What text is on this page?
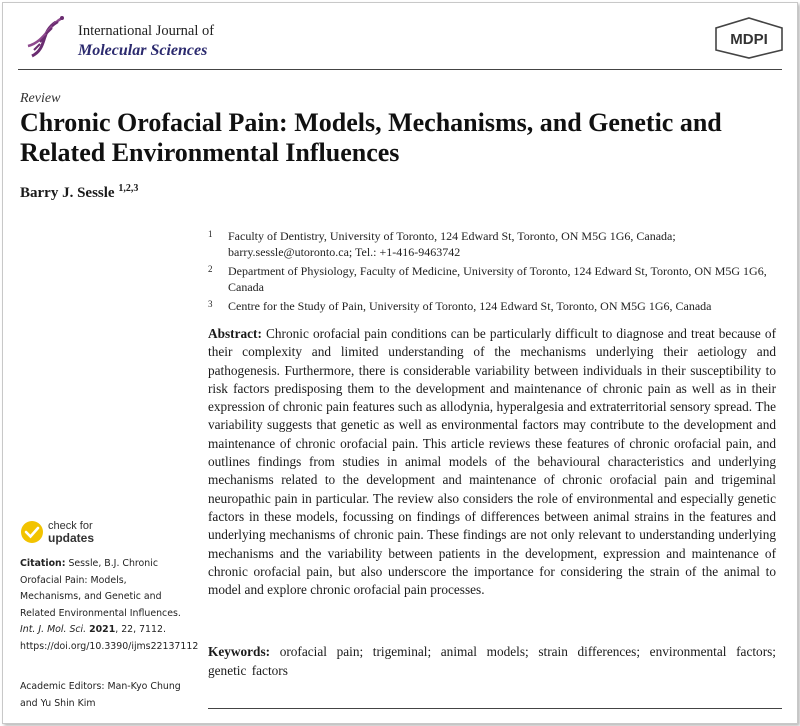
International Journal of
Molecular Sciences
MDPI
Review
Chronic Orofacial Pain: Models, Mechanisms, and Genetic and Related Environmental Influences
Barry J. Sessle $^{1,2,3}$
1 Faculty of Dentistry, University of Toronto, 124 Edward St, Toronto, ON M5G 1G6, Canada; barry.sessle@utoronto.ca; Tel.: +1-416-9463742
2 Department of Physiology, Faculty of Medicine, University of Toronto, 124 Edward St, Toronto, ON M5G 1G6, Canada
3 Centre for the Study of Pain, University of Toronto, 124 Edward St, Toronto, ON M5G 1G6, Canada
Abstract: Chronic orofacial pain conditions can be particularly difficult to diagnose and treat because of their complexity and limited understanding of the mechanisms underlying their aetiology and pathogenesis. Furthermore, there is considerable variability between individuals in their susceptibility to risk factors predisposing them to the development and maintenance of chronic pain as well as in their expression of chronic pain features such as allodynia, hyperalgesia and extraterritorial sensory spread. The variability suggests that genetic as well as environmental factors may contribute to the development and maintenance of chronic orofacial pain. This article reviews these features of chronic orofacial pain, and outlines findings from studies in animal models of the behavioural characteristics and underlying mechanisms related to the development and maintenance of chronic orofacial pain and trigeminal neuropathic pain in particular. The review also considers the role of environmental and especially genetic factors in these models, focussing on findings of differences between animal strains in the features and underlying mechanisms of chronic pain. These findings are not only relevant to understanding underlying mechanisms and the variability between patients in the development, expression and maintenance of chronic orofacial pain, but also underscore the importance for considering the strain of the animal to model and explore chronic orofacial pain processes.
Keywords: orofacial pain; trigeminal; animal models; strain differences; environmental factors; genetic factors
check for
updates
Citation: Sessle, B.J. Chronic Orofacial Pain: Models, Mechanisms, and Genetic and Related Environmental Influences. Int. J. Mol. Sci. 2021, 22, 7112. https://doi.org/10.3390/ijms22137112
Academic Editors: Man-Kyo Chung and Yu Shin Kim
